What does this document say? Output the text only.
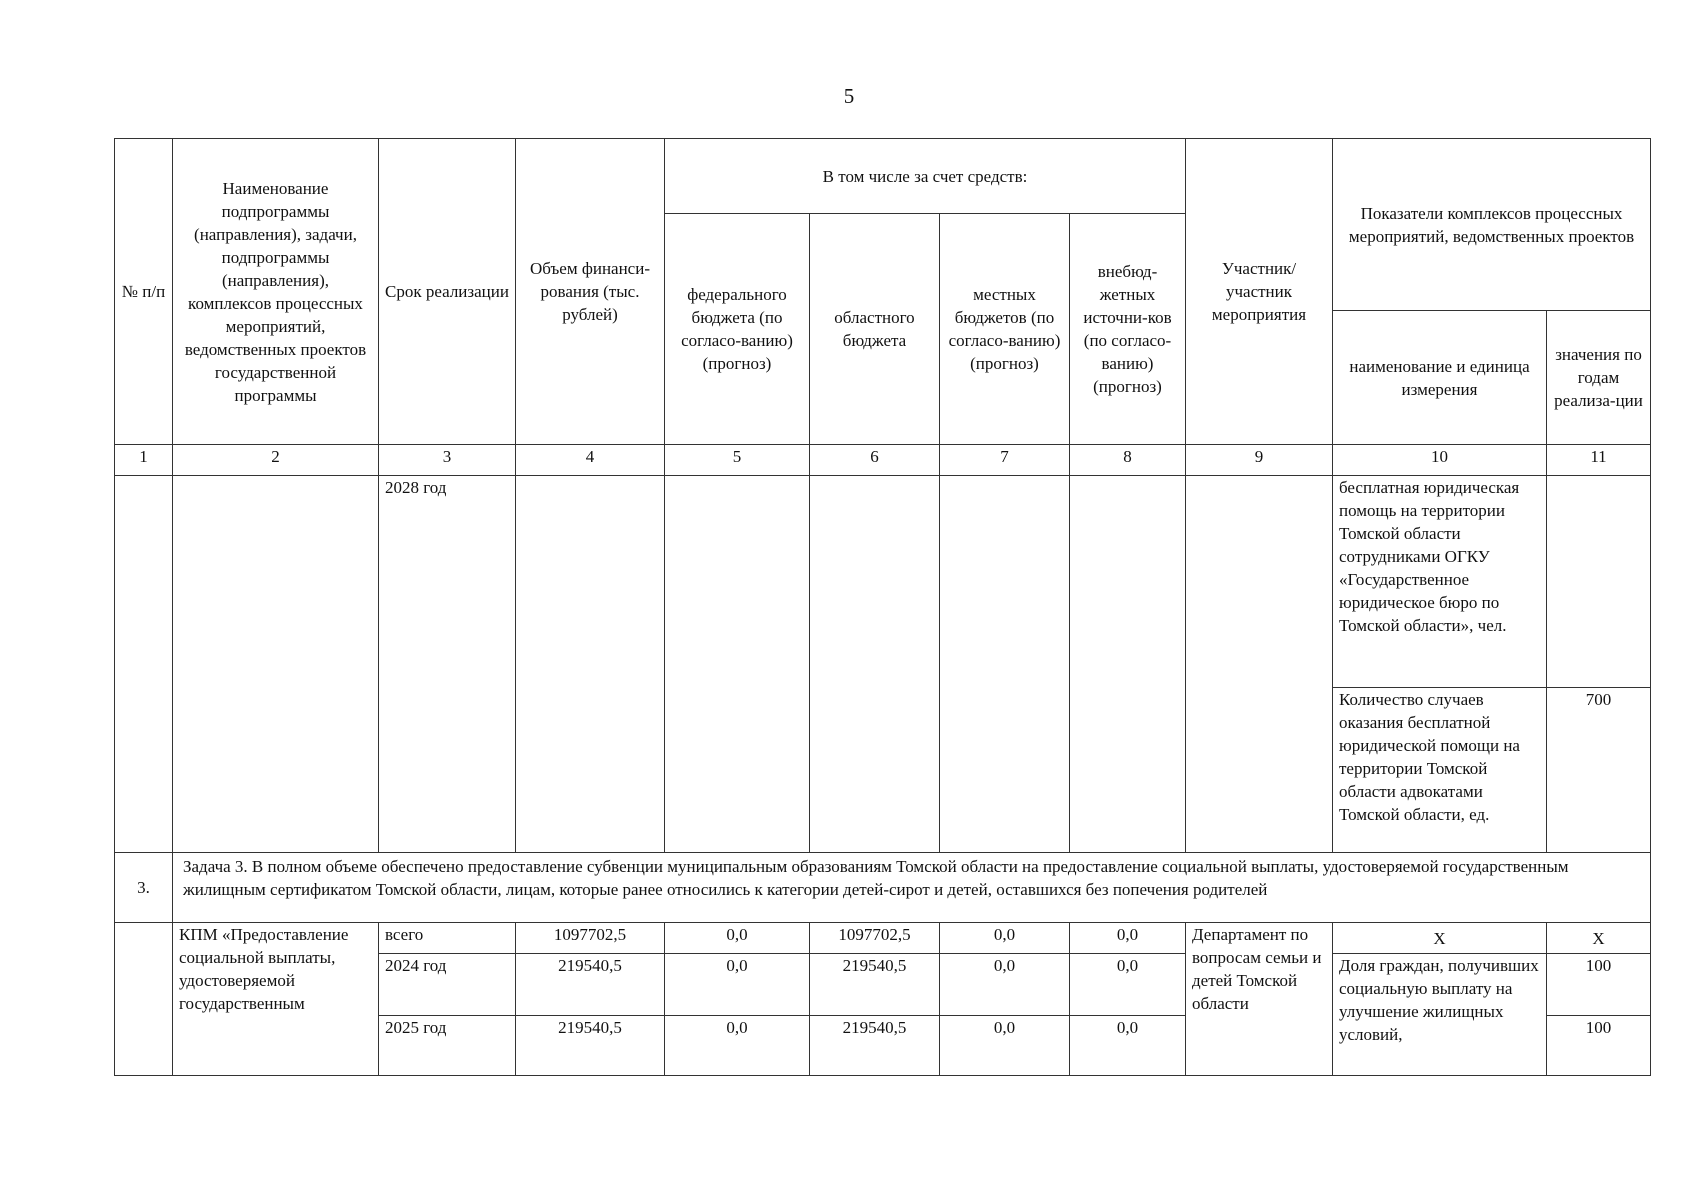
5
№ п/п	Наименование подпрограммы (направления), задачи, подпрограммы (направления), комплексов процессных мероприятий, ведомственных проектов государственной программы	Срок реализации	Объем финанси-рования (тыс. рублей)	В том числе за счет средств:				Участник/ участник мероприятия	Показатели комплексов процессных мероприятий, ведомственных проектов	
				федерального бюджета (по согласо-ванию) (прогноз)	областного бюджета	местных бюджетов (по согласо-ванию) (прогноз)	внебюд-жетных источни-ков (по согласо-ванию) (прогноз)			
									наименование и единица измерения	значения по годам реализа-ции
1	2	3	4	5	6	7	8	9	10	11
		2028 год							бесплатная юридическая помощь на территории Томской области сотрудниками ОГКУ «Государственное юридическое бюро по Томской области», чел.	
									Количество случаев оказания бесплатной юридической помощи на территории Томской области адвокатами Томской области, ед.	700
3.	Задача 3. В полном объеме обеспечено предоставление субвенции муниципальным образованиям Томской области на предоставление социальной выплаты, удостоверяемой государственным жилищным сертификатом Томской области, лицам, которые ранее относились к категории детей-сирот и детей, оставшихся без попечения родителей									
	КПМ «Предоставление социальной выплаты, удостоверяемой государственным	всего	1097702,5	0,0	1097702,5	0,0	0,0	Департамент по вопросам семьи и детей Томской области	X	X
		2024 год	219540,5	0,0	219540,5	0,0	0,0		Доля граждан, получивших социальную выплату на улучшение жилищных условий,	100
		2025 год	219540,5	0,0	219540,5	0,0	0,0			100
